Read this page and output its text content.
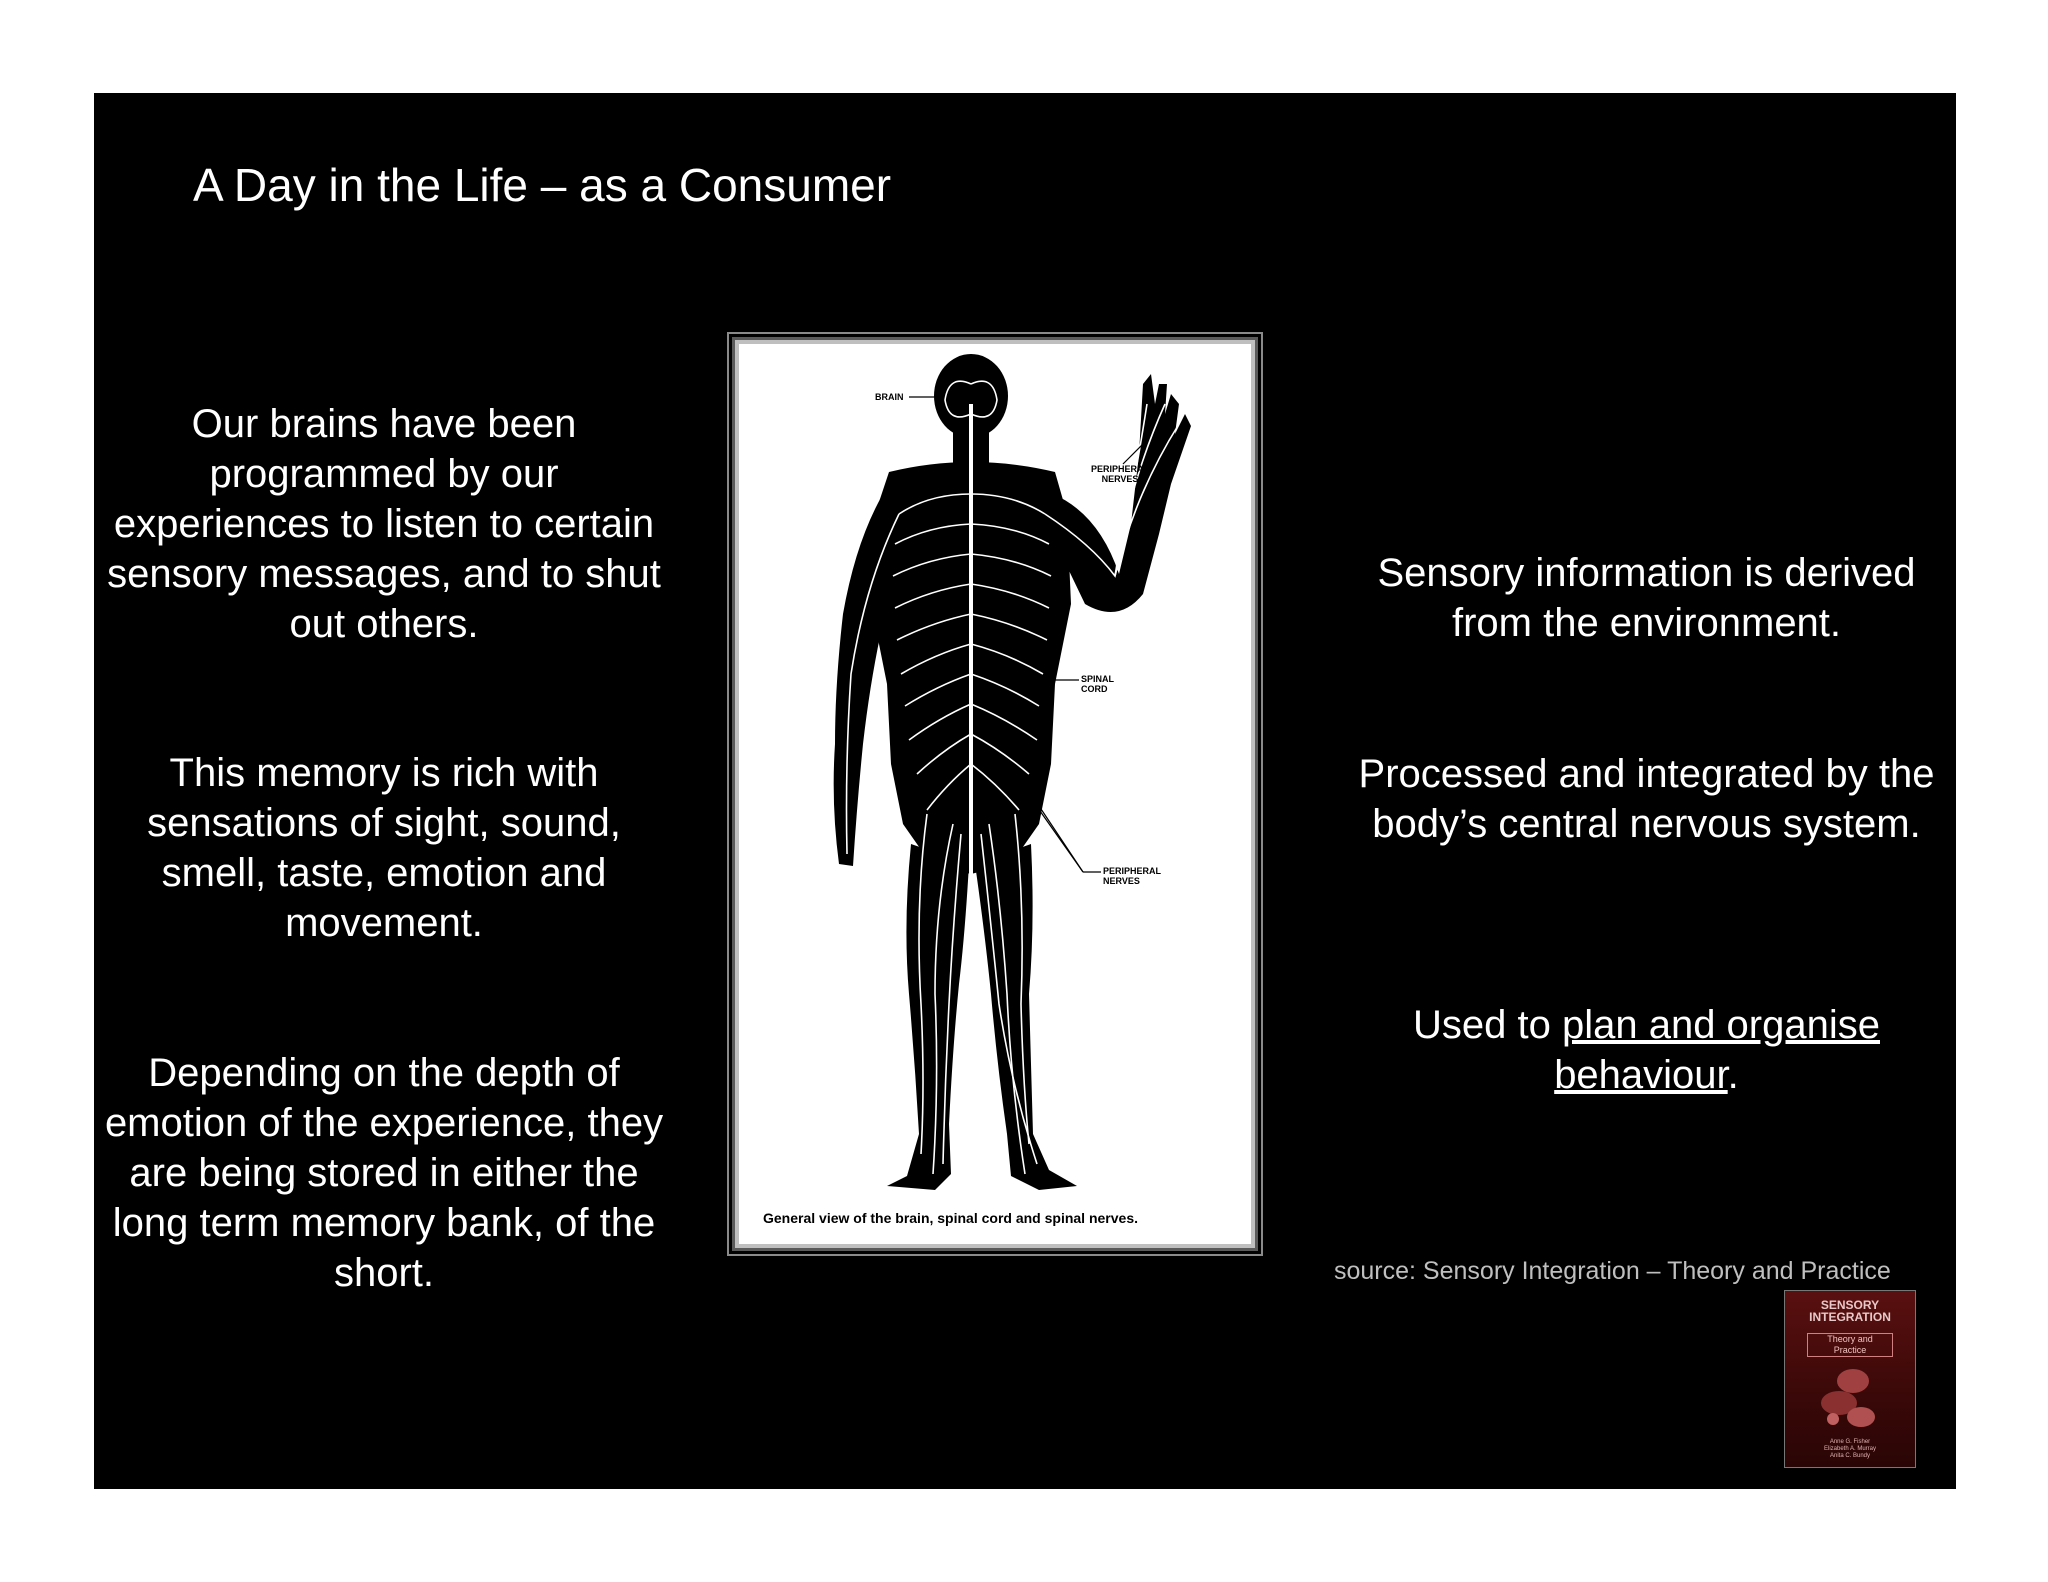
A Day in the Life – as a Consumer

Our brains have been programmed by our experiences to listen to certain sensory messages, and to shut out others.

This memory is rich with sensations of sight, sound, smell, taste, emotion and movement.

Depending on the depth of emotion of the experience, they are being stored in either the long term memory bank, of the short.

BRAIN
PERIPHERAL
NERVES
SPINAL
CORD
PERIPHERAL
NERVES
General view of the brain, spinal cord and spinal nerves.

Sensory information is derived from the environment.

Processed and integrated by the body’s central nervous system.

Used to plan and organise behaviour.

source: Sensory Integration – Theory and Practice
SENSORY
INTEGRATION
Theory and
Practice
Anne G. Fisher
Elizabeth A. Murray
Anita C. Bundy
